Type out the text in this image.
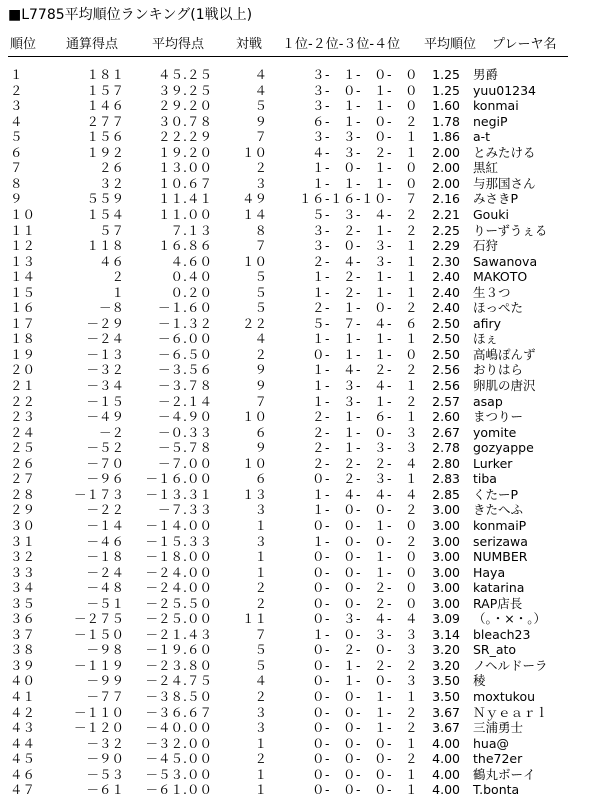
■L7785平均順位ランキング(1戦以上)
順位 通算得点	平均得点 対戦 １位-２位-３位-４位 平均順位 プレーヤ名
１	１８１	４５.２５	４	３-　１-　０-　０	1.25 男爵
２	１５７	３９.２５	４	３-　０-　１-　０	1.25 yuu01234
３	１４６	２９.２０	５	３-　１-　１-　０	1.60 konmai
４	２７７	３０.７８	９	６-　１-　０-　２	1.78 negiP
５	１５６	２２.２９	７	３-　３-　０-　１	1.86 a-t
６	１９２	１９.２０	１０	４-　３-　２-　１	2.00 とみたける
７	２６	１３.００	２	１-　０-　１-　０	2.00 黒紅
８	３２	１０.６７	３	１-　１-　１-　０	2.00 与那国さん
９	５５９	１１.４１	４９	１６-１６-１０-　７	2.16 みさきP
１０	１５４	１１.００	１４	５-　３-　４-　２	2.21 Gouki
１１	５７	７.１３	８	３-　２-　１-　２	2.25 りーずうぇる
１２	１１８	１６.８６	７	３-　０-　３-　１	2.29 石狩
１３	４６	４.６０	１０	２-　４-　３-　１	2.30 Sawanova
１４	２	０.４０	５	１-　２-　１-　１	2.40 MAKOTO
１５	１	０.２０	５	１-　２-　１-　１	2.40 生３つ
１６	－８	－１.６０	５	２-　１-　０-　２	2.40 ほっぺた
１７	－２９	－１.３２	２２	５-　７-　４-　６	2.50 afiry
１８	－２４	－６.００	４	１-　１-　１-　１	2.50 ほぇ
１９	－１３	－６.５０	２	０-　１-　１-　０	2.50 高嶋ぽんず
２０	－３２	－３.５６	９	１-　４-　２-　２	2.56 おりはら
２１	－３４	－３.７８	９	１-　３-　４-　１	2.56 卵肌の唐沢
２２	－１５	－２.１４	７	１-　３-　１-　２	2.57 asap
２３	－４９	－４.９０	１０	２-　１-　６-　１	2.60 まつりー
２４	－２	－０.３３	６	２-　１-　０-　３	2.67 yomite
２５	－５２	－５.７８	９	２-　１-　３-　３	2.78 gozyappe
２６	－７０	－７.００	１０	２-　２-　２-　４	2.80 Lurker
２７	－９６	－１６.００	６	０-　２-　３-　１	2.83 tiba
２８	－１７３	－１３.３１	１３	１-　４-　４-　４	2.85 くたーP
２９	－２２	－７.３３	３	１-　０-　０-　２	3.00 きたへふ
３０	－１４	－１４.００	１	０-　０-　１-　０	3.00 konmaiP
３１	－４６	－１５.３３	３	１-　０-　０-　２	3.00 serizawa
３２	－１８	－１８.００	１	０-　０-　１-　０	3.00 NUMBER
３３	－２４	－２４.００	１	０-　０-　１-　０	3.00 Haya
３４	－４８	－２４.００	２	０-　０-　２-　０	3.00 katarina
３５	－５１	－２５.５０	２	０-　０-　２-　０	3.00 RAP店長
３６	－２７５	－２５.００	１１	０-　３-　４-　４	3.09 （。・×・。）
３７	－１５０	－２１.４３	７	１-　０-　３-　３	3.14 bleach23
３８	－９８	－１９.６０	５	０-　２-　０-　３	3.20 SR_ato
３９	－１１９	－２３.８０	５	０-　１-　２-　２	3.20 ノヘルドーラ
４０	－９９	－２４.７５	４	０-　１-　０-　３	3.50 稜
４１	－７７	－３８.５０	２	０-　０-　１-　１	3.50 moxtukou
４２	－１１０	－３６.６７	３	０-　０-　１-　２	3.67 Ｎｙｅａｒｌ
４３	－１２０	－４０.００	３	０-　０-　１-　２	3.67 三浦勇士
４４	－３２	－３２.００	１	０-　０-　０-　１	4.00 hua@
４５	－９０	－４５.００	２	０-　０-　０-　２	4.00 the72er
４６	－５３	－５３.００	１	０-　０-　０-　１	4.00 鶴丸ボーイ
４７	－６１	－６１.００	１	０-　０-　０-　１	4.00 T.bonta
